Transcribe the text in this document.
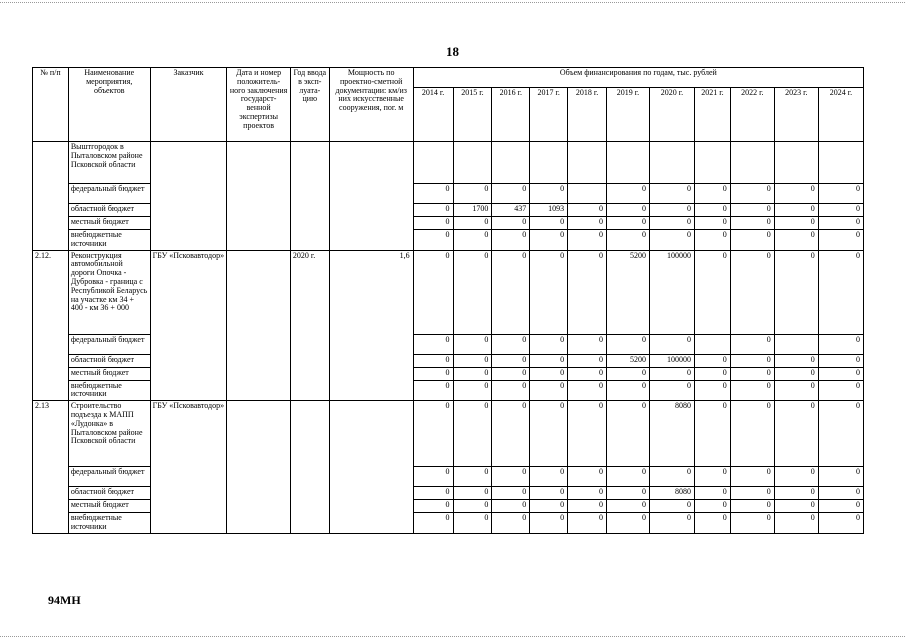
18
№ п/п	Наименование мероприятия, объектов	Заказчик	Дата и номер положитель-ного заключения государст-венной экспертизы проектов	Год ввода в эксп-луата-цию	Мощность по проектно-сметной документации: км/из них искусственные сооружения, пог. м	Объем финансирования по годам, тыс. рублей										
						2014 г.	2015 г.	2016 г.	2017 г.	2018 г.	2019 г.	2020 г.	2021 г.	2022 г.	2023 г.	2024 г.
	Выштгородок в Пыталовском районе Псковской области															
	федеральный бюджет					0	0	0	0		0	0	0	0	0	0
	областной бюджет					0	1700	437	1093	0	0	0	0	0	0	0
	местный бюджет					0	0	0	0	0	0	0	0	0	0	0
	внебюджетные источники					0	0	0	0	0	0	0	0	0	0	0
2.12.	Реконструкция автомобильной дороги Опочка - Дубровка - граница с Республикой Беларусь на участке км 34 + 400 - км 36 + 000	ГБУ «Псковавтодор»		2020 г.	1,6	0	0	0	0	0	5200	100000	0	0	0	0
	федеральный бюджет					0	0	0	0	0	0	0		0		0
	областной бюджет					0	0	0	0	0	5200	100000	0	0	0	0
	местный бюджет					0	0	0	0	0	0	0	0	0	0	0
	внебюджетные источники					0	0	0	0	0	0	0	0	0	0	0
2.13	Строительство подъезда к МАПП «Лудонка» в Пыталовском районе Псковской области	ГБУ «Псковавтодор»				0	0	0	0	0	0	8080	0	0	0	0
	федеральный бюджет					0	0	0	0	0	0	0	0	0	0	0
	областной бюджет					0	0	0	0	0	0	8080	0	0	0	0
	местный бюджет					0	0	0	0	0	0	0	0	0	0	0
	внебюджетные источники					0	0	0	0	0	0	0	0	0	0	0
94МН
